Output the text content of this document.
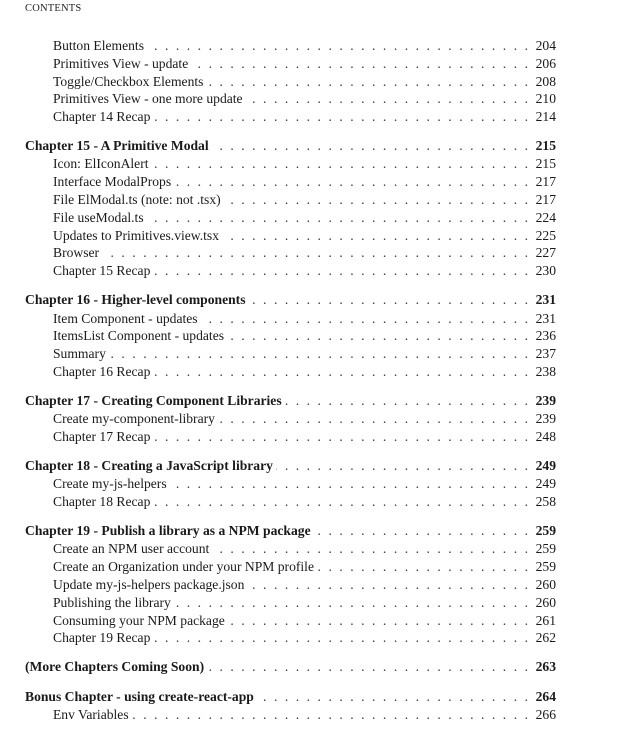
CONTENTS
Button Elements . . .	204
Primitives View - update . . .	206
Toggle/Checkbox Elements . . .	208
Primitives View - one more update . . .	210
Chapter 14 Recap . . .	214
Chapter 15 - A Primitive Modal . . .	215
Icon: ElIconAlert . . .	215
Interface ModalProps . . .	217
File ElModal.ts (note: not .tsx) . . .	217
File useModal.ts . . .	224
Updates to Primitives.view.tsx . . .	225
Browser . . .	227
Chapter 15 Recap . . .	230
Chapter 16 - Higher-level components . . .	231
Item Component - updates . . .	231
ItemsList Component - updates . . .	236
Summary . . .	237
Chapter 16 Recap . . .	238
Chapter 17 - Creating Component Libraries . . .	239
Create my-component-library . . .	239
Chapter 17 Recap . . .	248
Chapter 18 - Creating a JavaScript library . . .	249
Create my-js-helpers . . .	249
Chapter 18 Recap . . .	258
Chapter 19 - Publish a library as a NPM package . . .	259
Create an NPM user account . . .	259
Create an Organization under your NPM profile . . .	259
Update my-js-helpers package.json . . .	260
Publishing the library . . .	260
Consuming your NPM package . . .	261
Chapter 19 Recap . . .	262
(More Chapters Coming Soon) . . .	263
Bonus Chapter - using create-react-app . . .	264
Env Variables . . .	266
